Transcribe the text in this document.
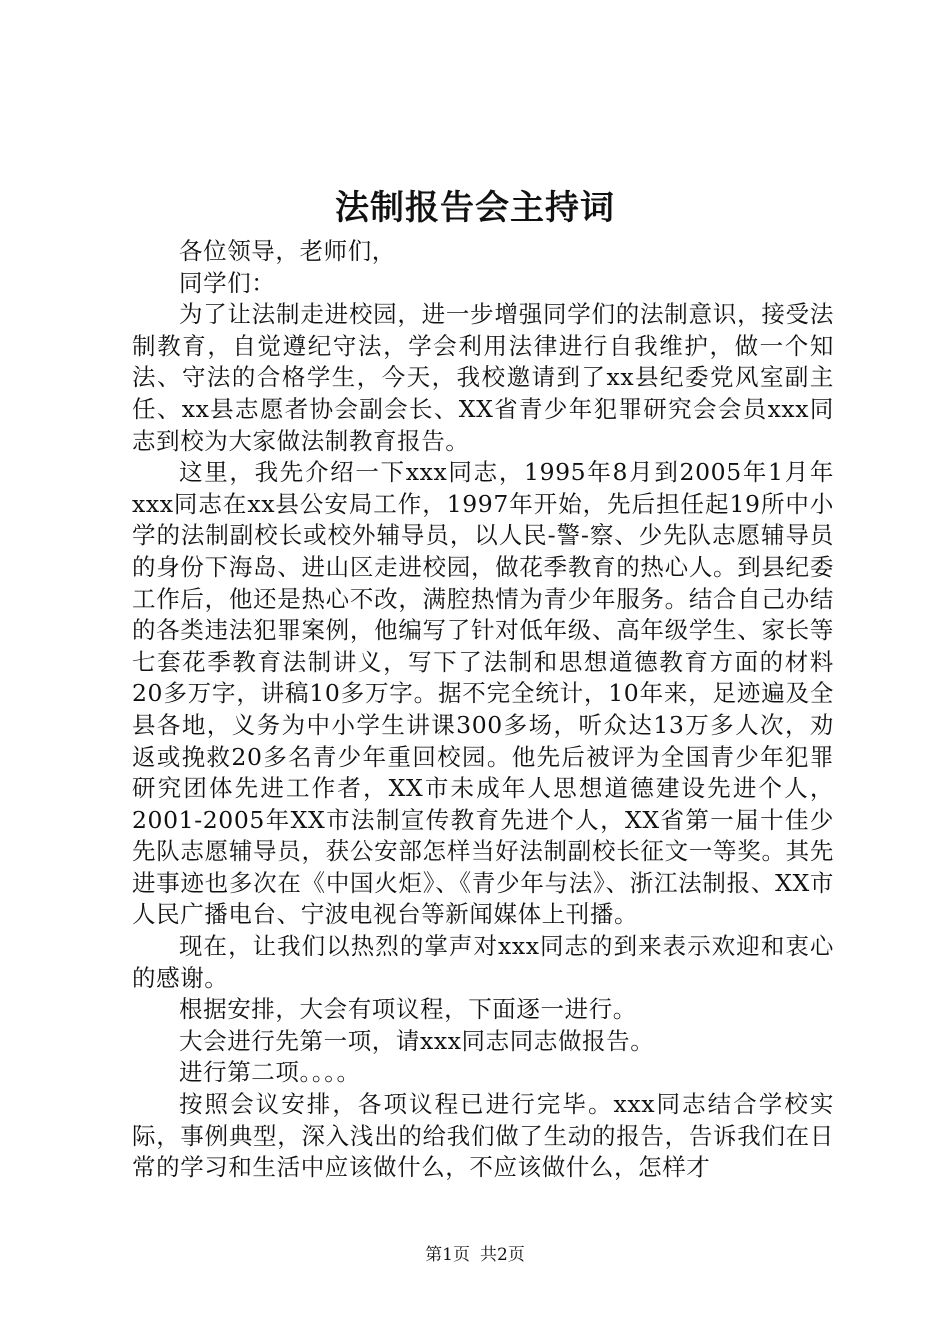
法制报告会主持词

各位领导，老师们，

同学们：

为了让法制走进校园，进一步增强同学们的法制意识，接受法制教育，自觉遵纪守法，学会利用法律进行自我维护，做一个知法、守法的合格学生，今天，我校邀请到了xx县纪委党风室副主任、xx县志愿者协会副会长、XX省青少年犯罪研究会会员xxx同志到校为大家做法制教育报告。

这里，我先介绍一下xxx同志，1995年8月到2005年1月年xxx同志在xx县公安局工作，1997年开始，先后担任起19所中小学的法制副校长或校外辅导员，以人民-警-察、少先队志愿辅导员的身份下海岛、进山区走进校园，做花季教育的热心人。到县纪委工作后，他还是热心不改，满腔热情为青少年服务。结合自己办结的各类违法犯罪案例，他编写了针对低年级、高年级学生、家长等七套花季教育法制讲义，写下了法制和思想道德教育方面的材料20多万字，讲稿10多万字。据不完全统计，10年来，足迹遍及全县各地，义务为中小学生讲课300多场，听众达13万多人次，劝返或挽救20多名青少年重回校园。他先后被评为全国青少年犯罪研究团体先进工作者，XX市未成年人思想道德建设先进个人，2001-2005年XX市法制宣传教育先进个人，XX省第一届十佳少先队志愿辅导员，获公安部怎样当好法制副校长征文一等奖。其先进事迹也多次在《中国火炬》、《青少年与法》、浙江法制报、XX市人民广播电台、宁波电视台等新闻媒体上刊播。

现在，让我们以热烈的掌声对xxx同志的到来表示欢迎和衷心的感谢。

根据安排，大会有项议程，下面逐一进行。

大会进行先第一项，请xxx同志同志做报告。

进行第二项。。。。

按照会议安排，各项议程已进行完毕。xxx同志结合学校实际，事例典型，深入浅出的给我们做了生动的报告，告诉我们在日常的学习和生活中应该做什么，不应该做什么，怎样才

第1页 共2页
